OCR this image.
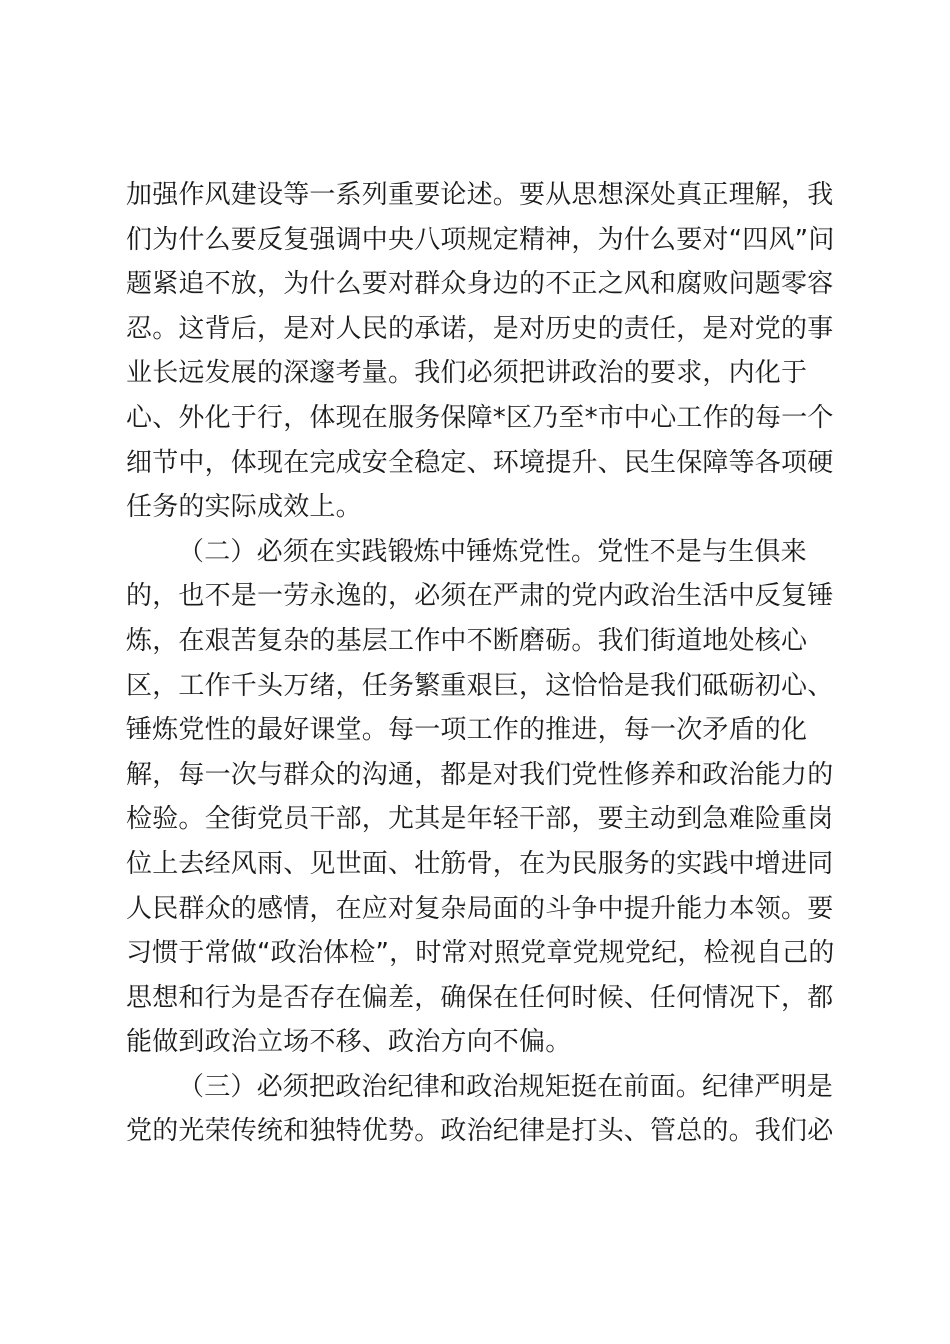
加强作风建设等一系列重要论述。要从思想深处真正理解，我
们为什么要反复强调中央八项规定精神，为什么要对“四风”问
题紧追不放，为什么要对群众身边的不正之风和腐败问题零容
忍。这背后，是对人民的承诺，是对历史的责任，是对党的事
业长远发展的深邃考量。我们必须把讲政治的要求，内化于
心、外化于行，体现在服务保障*区乃至*市中心工作的每一个
细节中，体现在完成安全稳定、环境提升、民生保障等各项硬
任务的实际成效上。
（二）必须在实践锻炼中锤炼党性。党性不是与生俱来
的，也不是一劳永逸的，必须在严肃的党内政治生活中反复锤
炼，在艰苦复杂的基层工作中不断磨砺。我们街道地处核心
区，工作千头万绪，任务繁重艰巨，这恰恰是我们砥砺初心、
锤炼党性的最好课堂。每一项工作的推进，每一次矛盾的化
解，每一次与群众的沟通，都是对我们党性修养和政治能力的
检验。全街党员干部，尤其是年轻干部，要主动到急难险重岗
位上去经风雨、见世面、壮筋骨，在为民服务的实践中增进同
人民群众的感情，在应对复杂局面的斗争中提升能力本领。要
习惯于常做“政治体检”，时常对照党章党规党纪，检视自己的
思想和行为是否存在偏差，确保在任何时候、任何情况下，都
能做到政治立场不移、政治方向不偏。
（三）必须把政治纪律和政治规矩挺在前面。纪律严明是
党的光荣传统和独特优势。政治纪律是打头、管总的。我们必
